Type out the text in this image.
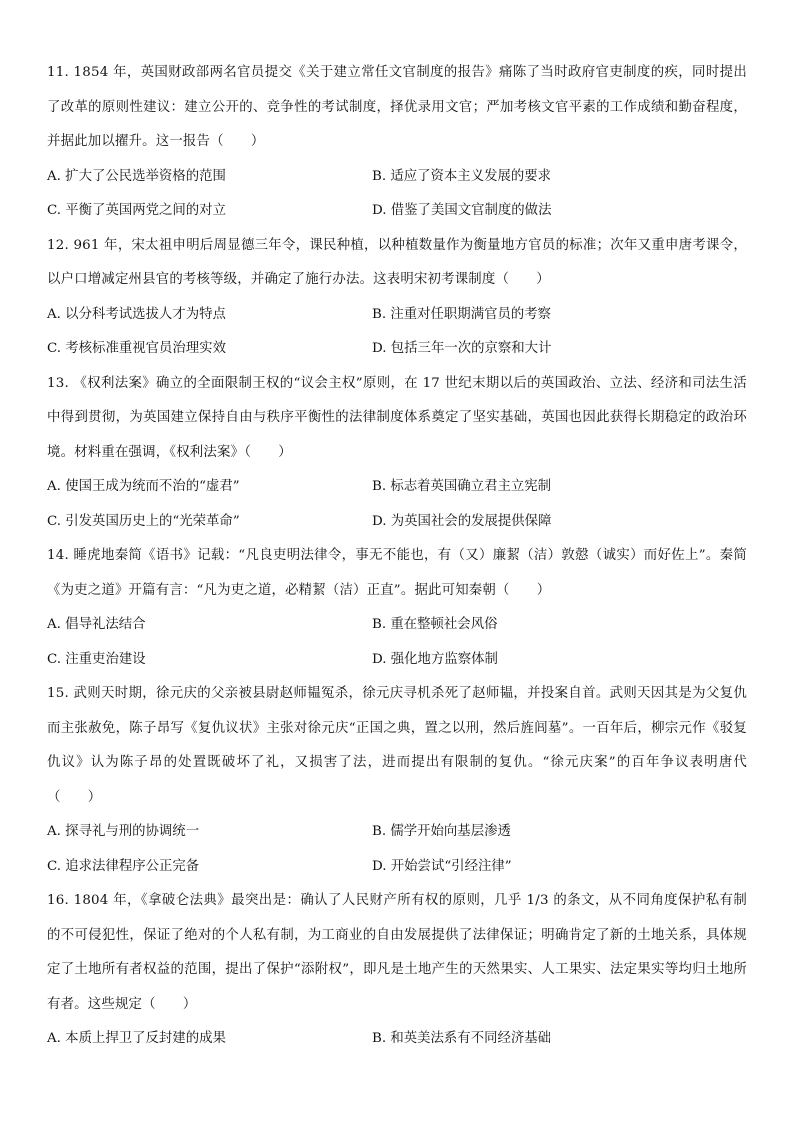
11. 1854 年，英国财政部两名官员提交《关于建立常任文官制度的报告》痛陈了当时政府官吏制度的疾，同时提出了改革的原则性建议：建立公开的、竞争性的考试制度，择优录用文官；严加考核文官平素的工作成绩和勤奋程度，并据此加以擢升。这一报告（　　）

A. 扩大了公民选举资格的范围	B. 适应了资本主义发展的要求
C. 平衡了英国两党之间的对立	D. 借鉴了美国文官制度的做法

12. 961 年，宋太祖申明后周显德三年令，课民种植，以种植数量作为衡量地方官员的标准；次年又重申唐考课令，以户口增减定州县官的考核等级，并确定了施行办法。这表明宋初考课制度（　　）

A. 以分科考试选拔人才为特点	B. 注重对任职期满官员的考察
C. 考核标准重视官员治理实效	D. 包括三年一次的京察和大计

13. 《权利法案》确立的全面限制王权的“议会主权”原则，在 17 世纪末期以后的英国政治、立法、经济和司法生活中得到贯彻，为英国建立保持自由与秩序平衡性的法律制度体系奠定了坚实基础，英国也因此获得长期稳定的政治环境。材料重在强调，《权利法案》（　　）

A. 使国王成为统而不治的“虚君”	B. 标志着英国确立君主立宪制
C. 引发英国历史上的“光荣革命”	D. 为英国社会的发展提供保障

14. 睡虎地秦简《语书》记载：“凡良吏明法律令，事无不能也，有（又）廉絜（洁）敦慤（诚实）而好佐上”。秦简《为吏之道》开篇有言：“凡为吏之道，必精絜（洁）正直”。据此可知秦朝（　　）

A. 倡导礼法结合	B. 重在整顿社会风俗
C. 注重吏治建设	D. 强化地方监察体制

15. 武则天时期，徐元庆的父亲被县尉赵师韫冤杀，徐元庆寻机杀死了赵师韫，并投案自首。武则天因其是为父复仇而主张赦免，陈子昂写《复仇议状》主张对徐元庆“正国之典，置之以刑，然后旌闾墓”。一百年后，柳宗元作《驳复仇议》认为陈子昂的处置既破坏了礼，又损害了法，进而提出有限制的复仇。“徐元庆案”的百年争议表明唐代（　　）

A. 探寻礼与刑的协调统一	B. 儒学开始向基层渗透
C. 追求法律程序公正完备	D. 开始尝试“引经注律”

16. 1804 年，《拿破仑法典》最突出是：确认了人民财产所有权的原则，几乎 1/3 的条文，从不同角度保护私有制的不可侵犯性，保证了绝对的个人私有制，为工商业的自由发展提供了法律保证；明确肯定了新的土地关系，具体规定了土地所有者权益的范围，提出了保护“添附权”，即凡是土地产生的天然果实、人工果实、法定果实等均归土地所有者。这些规定（　　）

A. 本质上捍卫了反封建的成果	B. 和英美法系有不同经济基础
